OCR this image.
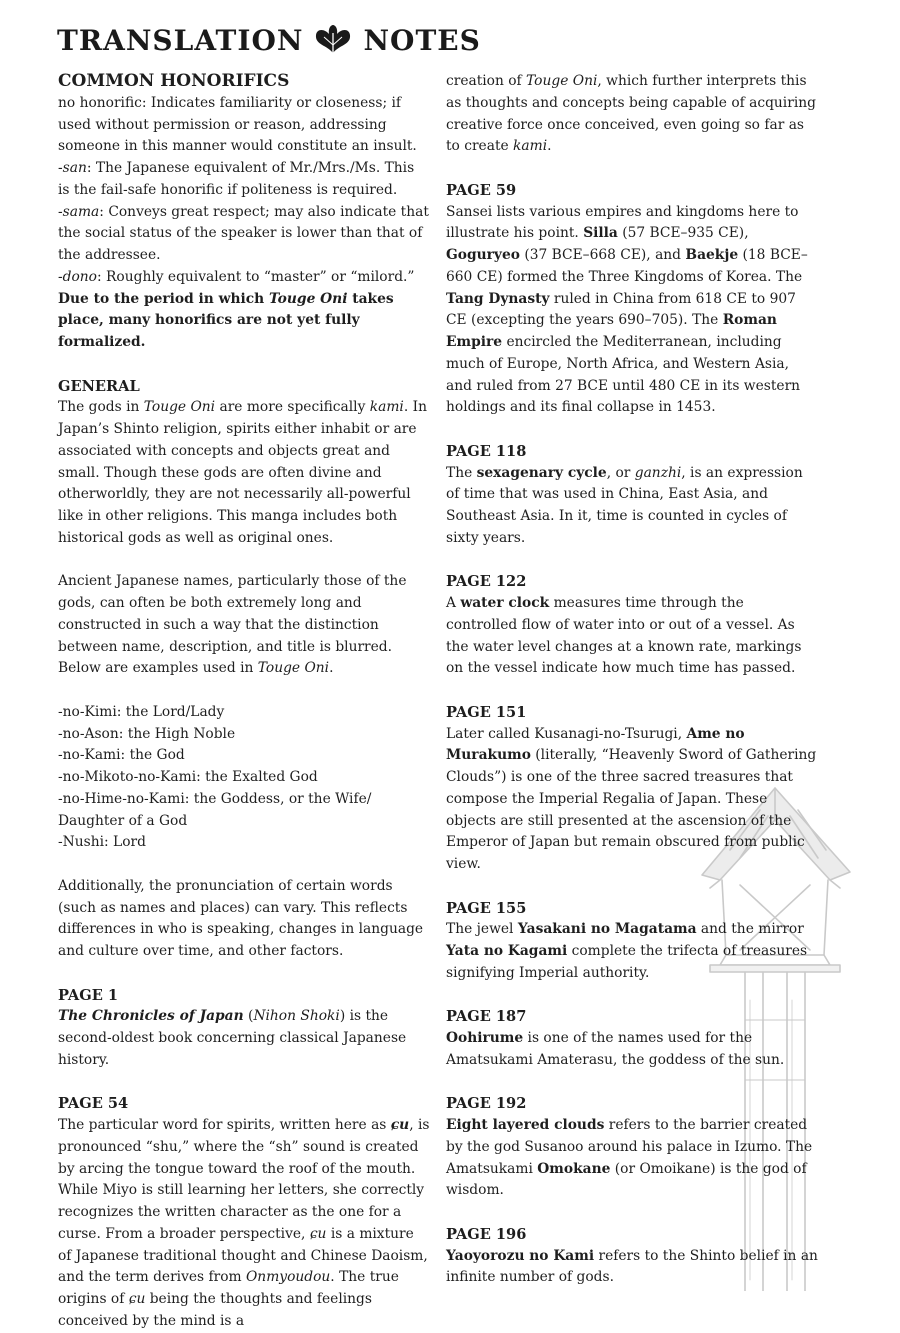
TRANSLATION NOTES

COMMON HONORIFICS

no honorific: Indicates familiarity or closeness; if used without permission or reason, addressing someone in this manner would constitute an insult.

-san: The Japanese equivalent of Mr./Mrs./Ms. This is the fail-safe honorific if politeness is required.

-sama: Conveys great respect; may also indicate that the social status of the speaker is lower than that of the addressee.

-dono: Roughly equivalent to “master” or “milord.”

Due to the period in which Touge Oni takes place, many honorifics are not yet fully formalized.

GENERAL

The gods in Touge Oni are more specifically kami. In Japan’s Shinto religion, spirits either inhabit or are associated with concepts and objects great and small. Though these gods are often divine and otherworldly, they are not necessarily all-powerful like in other religions. This manga includes both historical gods as well as original ones.

Ancient Japanese names, particularly those of the gods, can often be both extremely long and constructed in such a way that the distinction between name, description, and title is blurred. Below are examples used in Touge Oni.

-no-Kimi: the Lord/Lady

-no-Ason: the High Noble

-no-Kami: the God

-no-Mikoto-no-Kami: the Exalted God

-no-Hime-no-Kami: the Goddess, or the Wife/ Daughter of a God

-Nushi: Lord

Additionally, the pronunciation of certain words (such as names and places) can vary. This reflects differences in who is speaking, changes in language and culture over time, and other factors.

PAGE 1

The Chronicles of Japan (Nihon Shoki) is the second-oldest book concerning classical Japanese history.

PAGE 54

The particular word for spirits, written here as ɕu, is pronounced “shu,” where the “sh” sound is created by arcing the tongue toward the roof of the mouth. While Miyo is still learning her letters, she correctly recognizes the written character as the one for a curse. From a broader perspective, ɕu is a mixture of Japanese traditional thought and Chinese Daoism, and the term derives from Onmyoudou. The true origins of ɕu being the thoughts and feelings conceived by the mind is a

creation of Touge Oni, which further interprets this as thoughts and concepts being capable of acquiring creative force once conceived, even going so far as to create kami.

PAGE 59

Sansei lists various empires and kingdoms here to illustrate his point. Silla (57 BCE–935 CE), Goguryeo (37 BCE–668 CE), and Baekje (18 BCE–660 CE) formed the Three Kingdoms of Korea. The Tang Dynasty ruled in China from 618 CE to 907 CE (excepting the years 690–705). The Roman Empire encircled the Mediterranean, including much of Europe, North Africa, and Western Asia, and ruled from 27 BCE until 480 CE in its western holdings and its final collapse in 1453.

PAGE 118

The sexagenary cycle, or ganzhi, is an expression of time that was used in China, East Asia, and Southeast Asia. In it, time is counted in cycles of sixty years.

PAGE 122

A water clock measures time through the controlled flow of water into or out of a vessel. As the water level changes at a known rate, markings on the vessel indicate how much time has passed.

PAGE 151

Later called Kusanagi-no-Tsurugi, Ame no Murakumo (literally, “Heavenly Sword of Gathering Clouds”) is one of the three sacred treasures that compose the Imperial Regalia of Japan. These objects are still presented at the ascension of the Emperor of Japan but remain obscured from public view.

PAGE 155

The jewel Yasakani no Magatama and the mirror Yata no Kagami complete the trifecta of treasures signifying Imperial authority.

PAGE 187

Oohirume is one of the names used for the Amatsukami Amaterasu, the goddess of the sun.

PAGE 192

Eight layered clouds refers to the barrier created by the god Susanoo around his palace in Izumo. The Amatsukami Omokane (or Omoikane) is the god of wisdom.

PAGE 196

Yaoyorozu no Kami refers to the Shinto belief in an infinite number of gods.
